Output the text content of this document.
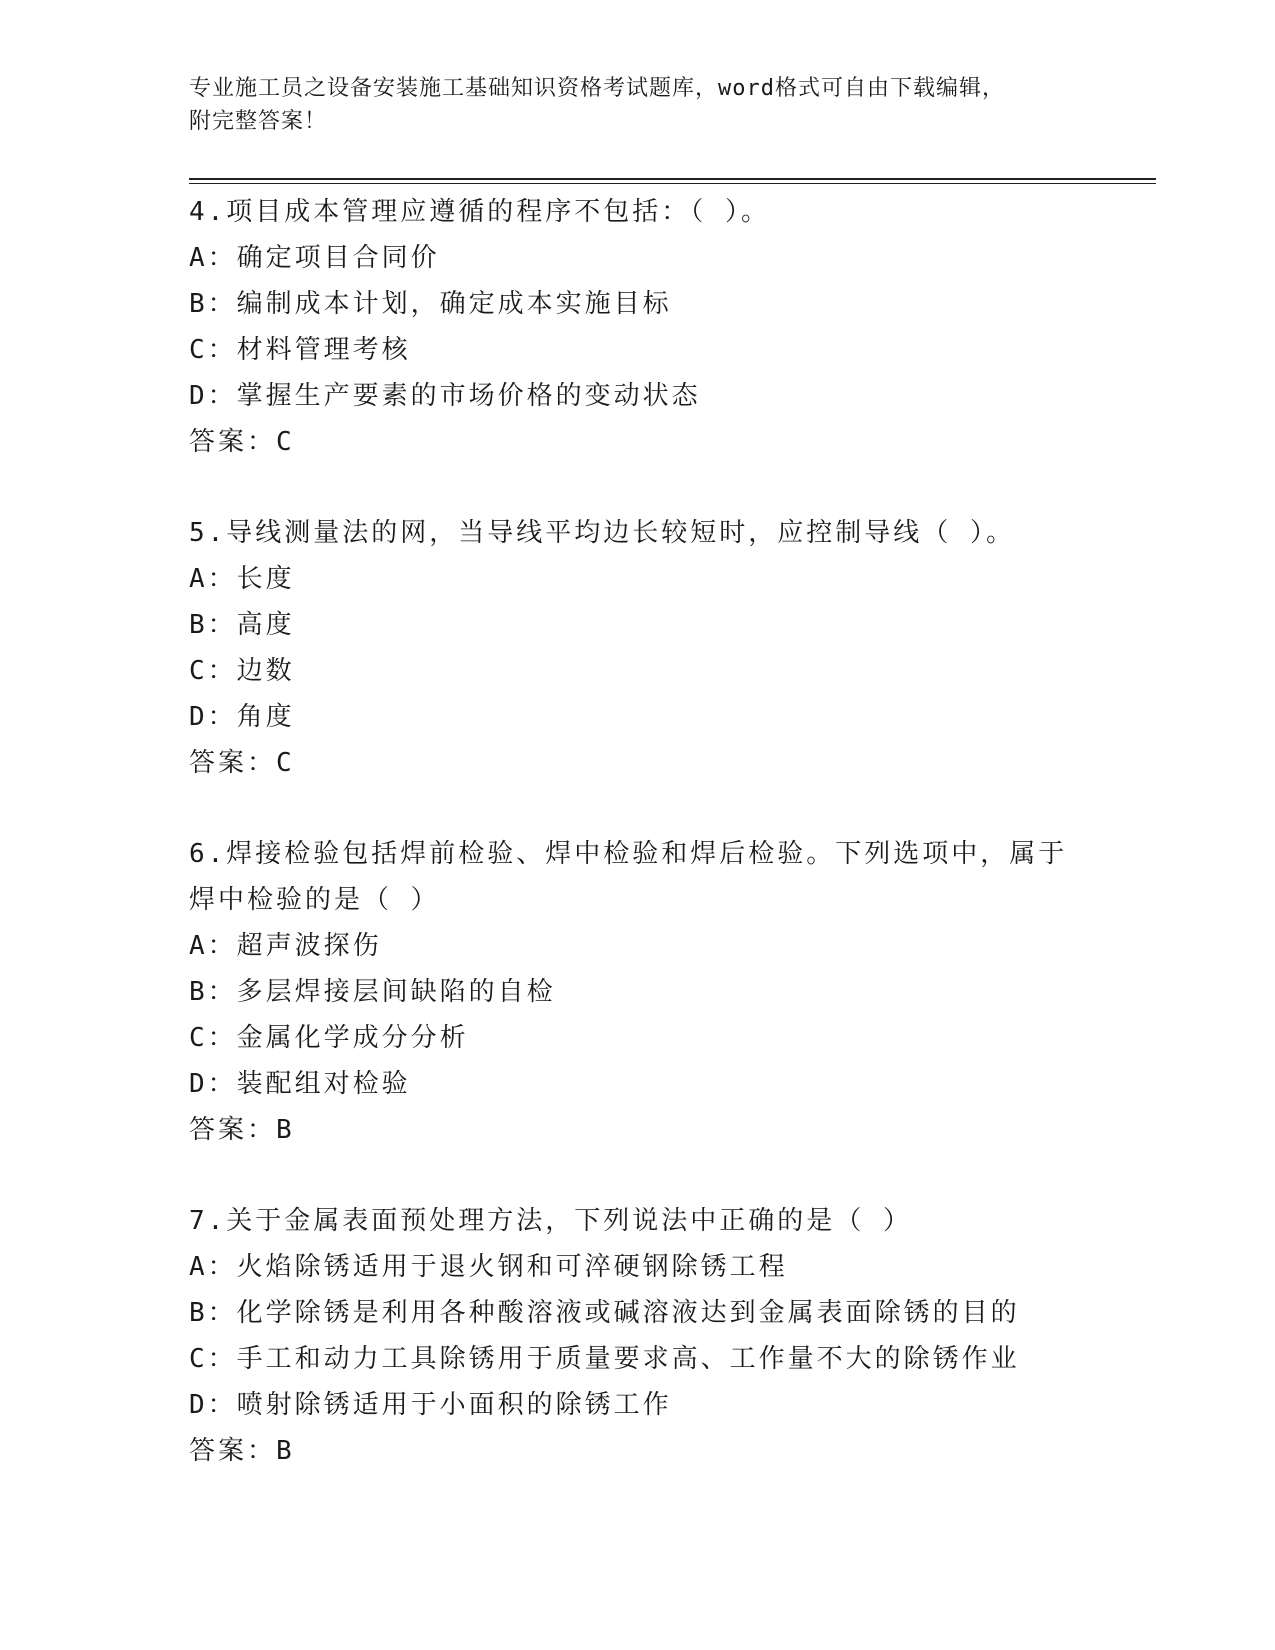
专业施工员之设备安装施工基础知识资格考试题库，word格式可自由下载编辑，
附完整答案！
4.项目成本管理应遵循的程序不包括：（ ）。
A：确定项目合同价
B：编制成本计划，确定成本实施目标
C：材料管理考核
D：掌握生产要素的市场价格的变动状态
答案：C
5.导线测量法的网，当导线平均边长较短时，应控制导线（ ）。
A：长度
B：高度
C：边数
D：角度
答案：C
6.焊接检验包括焊前检验、焊中检验和焊后检验。下列选项中，属于焊中检验的是（ ）
A：超声波探伤
B：多层焊接层间缺陷的自检
C：金属化学成分分析
D：装配组对检验
答案：B
7.关于金属表面预处理方法，下列说法中正确的是（ ）
A：火焰除锈适用于退火钢和可淬硬钢除锈工程
B：化学除锈是利用各种酸溶液或碱溶液达到金属表面除锈的目的
C：手工和动力工具除锈用于质量要求高、工作量不大的除锈作业
D：喷射除锈适用于小面积的除锈工作
答案：B
